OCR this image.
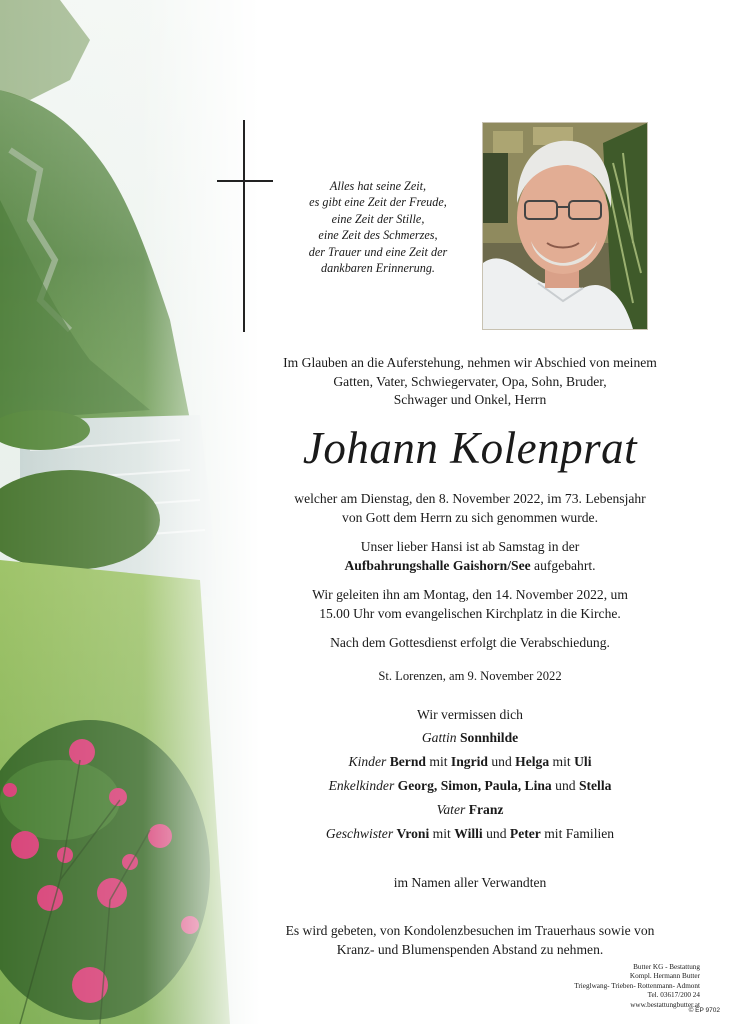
Alles hat seine Zeit,
es gibt eine Zeit der Freude,
eine Zeit der Stille,
eine Zeit des Schmerzes,
der Trauer und eine Zeit der
dankbaren Erinnerung.
Im Glauben an die Auferstehung, nehmen wir Abschied von meinem
Gatten, Vater, Schwiegervater, Opa, Sohn, Bruder,
Schwager und Onkel, Herrn
Johann Kolenprat
welcher am Dienstag, den 8. November 2022, im 73. Lebensjahr
von Gott dem Herrn zu sich genommen wurde.
Unser lieber Hansi ist ab Samstag in der
Aufbahrungshalle Gaishorn/See aufgebahrt.
Wir geleiten ihn am Montag, den 14. November 2022, um
15.00 Uhr vom evangelischen Kirchplatz in die Kirche.
Nach dem Gottesdienst erfolgt die Verabschiedung.
St. Lorenzen, am 9. November 2022
Wir vermissen dich
Gattin Sonnhilde
Kinder Bernd mit Ingrid und Helga mit Uli
Enkelkinder Georg, Simon, Paula, Lina und Stella
Vater Franz
Geschwister Vroni mit Willi und Peter mit Familien
im Namen aller Verwandten
Es wird gebeten, von Kondolenzbesuchen im Trauerhaus sowie von
Kranz- und Blumenspenden Abstand zu nehmen.
Butter KG - Bestattung
Kompl. Hermann Butter
Trieglwang- Trieben- Rottenmann- Admont
Tel. 03617/200 24
www.bestattungbutter.at
© EP 9702
